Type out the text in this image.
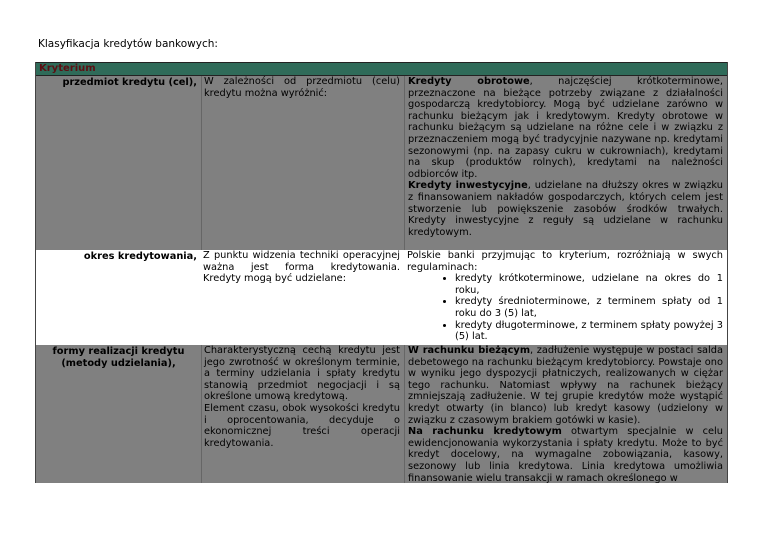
Klasyfikacja kredytów bankowych:
Kryterium
przedmiot kredytu (cel), W zależności od przedmiotu (celu) kredytu można wyróżnić:
Kredyty obrotowe, najczęściej krótkoterminowe, przeznaczone na bieżące potrzeby związane z działalności gospodarczą kredytobiorcy. Mogą być udzielane zarówno w rachunku bieżącym jak i kredytowym. Kredyty obrotowe w rachunku bieżącym są udzielane na różne cele i w związku z przeznaczeniem mogą być tradycyjnie nazywane np. kredytami sezonowymi (np. na zapasy cukru w cukrowniach), kredytami na skup (produktów rolnych), kredytami na należności odbiorców itp.
Kredyty inwestycyjne, udzielane na dłuższy okres w związku z finansowaniem nakładów gospodarczych, których celem jest stworzenie lub powiększenie zasobów środków trwałych. Kredyty inwestycyjne z reguły są udzielane w rachunku kredytowym.
okres kredytowania, Z punktu widzenia techniki operacyjnej ważna jest forma kredytowania. Kredyty mogą być udzielane:
Polskie banki przyjmując to kryterium, rozróżniają w swych regulaminach:
• kredyty krótkoterminowe, udzielane na okres do 1 roku,
• kredyty średnioterminowe, z terminem spłaty od 1 roku do 3 (5) lat,
• kredyty długoterminowe, z terminem spłaty powyżej 3 (5) lat.
formy realizacji kredytu (metody udzielania),
Charakterystyczną cechą kredytu jest jego zwrotność w określonym terminie, a terminy udzielania i spłaty kredytu stanowią przedmiot negocjacji i są określone umową kredytową.
Element czasu, obok wysokości kredytu i oprocentowania, decyduje o ekonomicznej treści operacji kredytowania.
W rachunku bieżącym, zadłużenie występuje w postaci salda debetowego na rachunku bieżącym kredytobiorcy. Powstaje ono w wyniku jego dyspozycji płatniczych, realizowanych w ciężar tego rachunku. Natomiast wpływy na rachunek bieżący zmniejszają zadłużenie. W tej grupie kredytów może wystąpić kredyt otwarty (in blanco) lub kredyt kasowy (udzielony w związku z czasowym brakiem gotówki w kasie).
Na rachunku kredytowym otwartym specjalnie w celu ewidencjonowania wykorzystania i spłaty kredytu. Może to być kredyt docelowy, na wymagalne zobowiązania, kasowy, sezonowy lub linia kredytowa. Linia kredytowa umożliwia finansowanie wielu transakcji w ramach określonego w
